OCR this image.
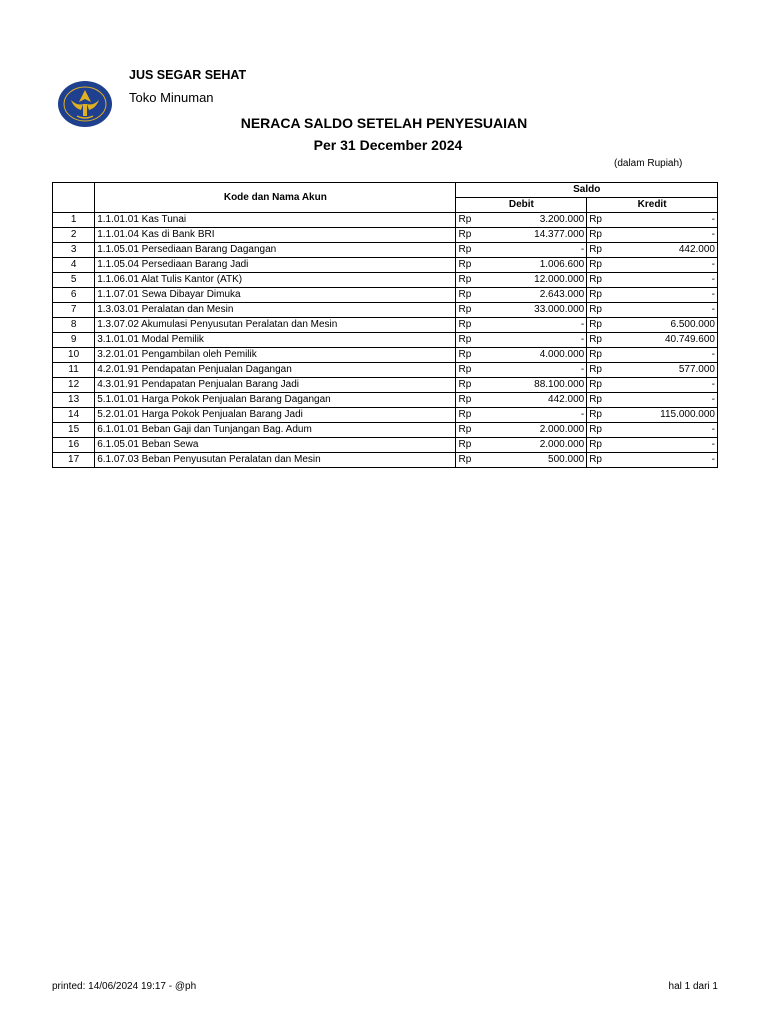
JUS SEGAR SEHAT
Toko Minuman
NERACA SALDO SETELAH PENYESUAIAN
Per 31 December 2024
(dalam Rupiah)
	Kode dan Nama Akun	Saldo			
		Debit		Kredit	
1	1.1.01.01 Kas Tunai	Rp	3.200.000	Rp	-
2	1.1.01.04 Kas di Bank BRI	Rp	14.377.000	Rp	-
3	1.1.05.01 Persediaan Barang Dagangan	Rp	-	Rp	442.000
4	1.1.05.04 Persediaan Barang Jadi	Rp	1.006.600	Rp	-
5	1.1.06.01 Alat Tulis Kantor (ATK)	Rp	12.000.000	Rp	-
6	1.1.07.01 Sewa Dibayar Dimuka	Rp	2.643.000	Rp	-
7	1.3.03.01 Peralatan dan Mesin	Rp	33.000.000	Rp	-
8	1.3.07.02 Akumulasi Penyusutan Peralatan dan Mesin	Rp	-	Rp	6.500.000
9	3.1.01.01 Modal Pemilik	Rp	-	Rp	40.749.600
10	3.2.01.01 Pengambilan oleh Pemilik	Rp	4.000.000	Rp	-
11	4.2.01.91 Pendapatan Penjualan Dagangan	Rp	-	Rp	577.000
12	4.3.01.91 Pendapatan Penjualan Barang Jadi	Rp	88.100.000	Rp	-
13	5.1.01.01 Harga Pokok Penjualan Barang Dagangan	Rp	442.000	Rp	-
14	5.2.01.01 Harga Pokok Penjualan Barang Jadi	Rp	-	Rp	115.000.000
15	6.1.01.01 Beban Gaji dan Tunjangan Bag. Adum	Rp	2.000.000	Rp	-
16	6.1.05.01 Beban Sewa	Rp	2.000.000	Rp	-
17	6.1.07.03 Beban Penyusutan Peralatan dan Mesin	Rp	500.000	Rp	-
printed: 14/06/2024 19:17 - @ph	hal 1 dari 1
